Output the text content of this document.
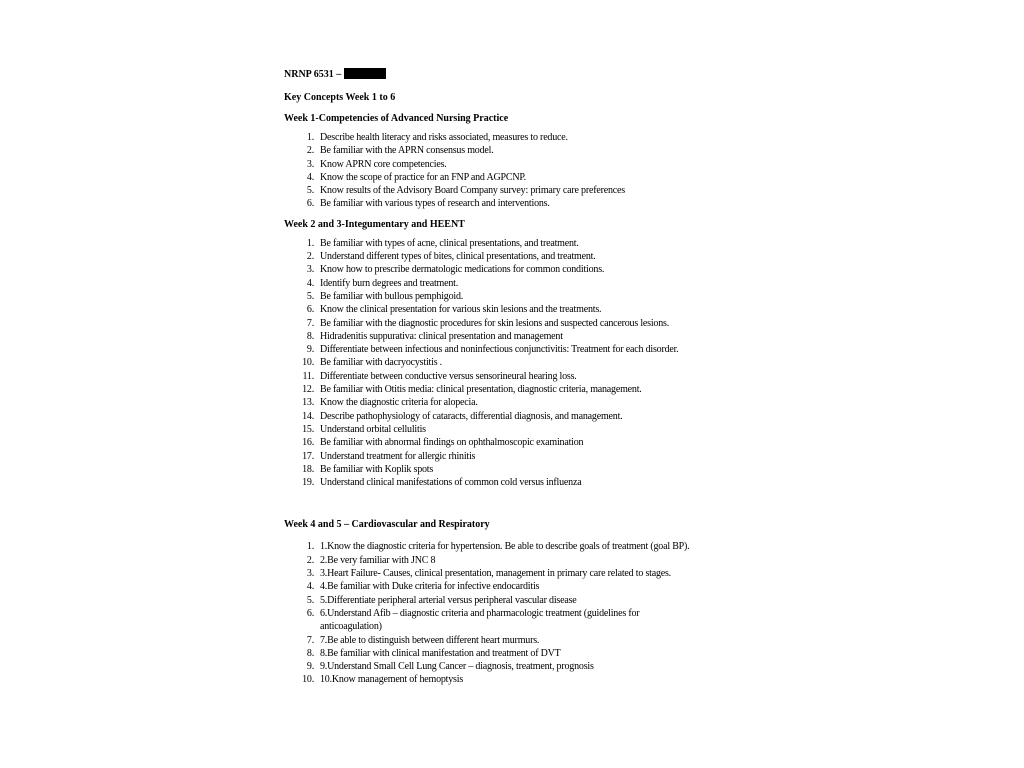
NRNP 6531 –
Key Concepts Week 1 to 6
Week 1-Competencies of Advanced Nursing Practice
1. Describe health literacy and risks associated, measures to reduce.
2. Be familiar with the APRN consensus model.
3. Know APRN core competencies.
4. Know the scope of practice for an FNP and AGPCNP.
5. Know results of the Advisory Board Company survey: primary care preferences
6. Be familiar with various types of research and interventions.
Week 2 and 3-Integumentary and HEENT
1. Be familiar with types of acne, clinical presentations, and treatment.
2. Understand different types of bites, clinical presentations, and treatment.
3. Know how to prescribe dermatologic medications for common conditions.
4. Identify burn degrees and treatment.
5. Be familiar with bullous pemphigoid.
6. Know the clinical presentation for various skin lesions and the treatments.
7. Be familiar with the diagnostic procedures for skin lesions and suspected cancerous lesions.
8. Hidradenitis suppurativa: clinical presentation and management
9. Differentiate between infectious and noninfectious conjunctivitis: Treatment for each disorder.
10. Be familiar with dacryocystitis .
11. Differentiate between conductive versus sensorineural hearing loss.
12. Be familiar with Otitis media: clinical presentation, diagnostic criteria, management.
13. Know the diagnostic criteria for alopecia.
14. Describe pathophysiology of cataracts, differential diagnosis, and management.
15. Understand orbital cellulitis
16. Be familiar with abnormal findings on ophthalmoscopic examination
17. Understand treatment for allergic rhinitis
18. Be familiar with Koplik spots
19. Understand clinical manifestations of common cold versus influenza
Week 4 and 5 – Cardiovascular and Respiratory
1. 1.Know the diagnostic criteria for hypertension. Be able to describe goals of treatment (goal BP).
2. 2.Be very familiar with JNC 8
3. 3.Heart Failure- Causes, clinical presentation, management in primary care related to stages.
4. 4.Be familiar with Duke criteria for infective endocarditis
5. 5.Differentiate peripheral arterial versus peripheral vascular disease
6. 6.Understand Afib – diagnostic criteria and pharmacologic treatment (guidelines for anticoagulation)
7. 7.Be able to distinguish between different heart murmurs.
8. 8.Be familiar with clinical manifestation and treatment of DVT
9. 9.Understand Small Cell Lung Cancer – diagnosis, treatment, prognosis
10. 10.Know management of hemoptysis
